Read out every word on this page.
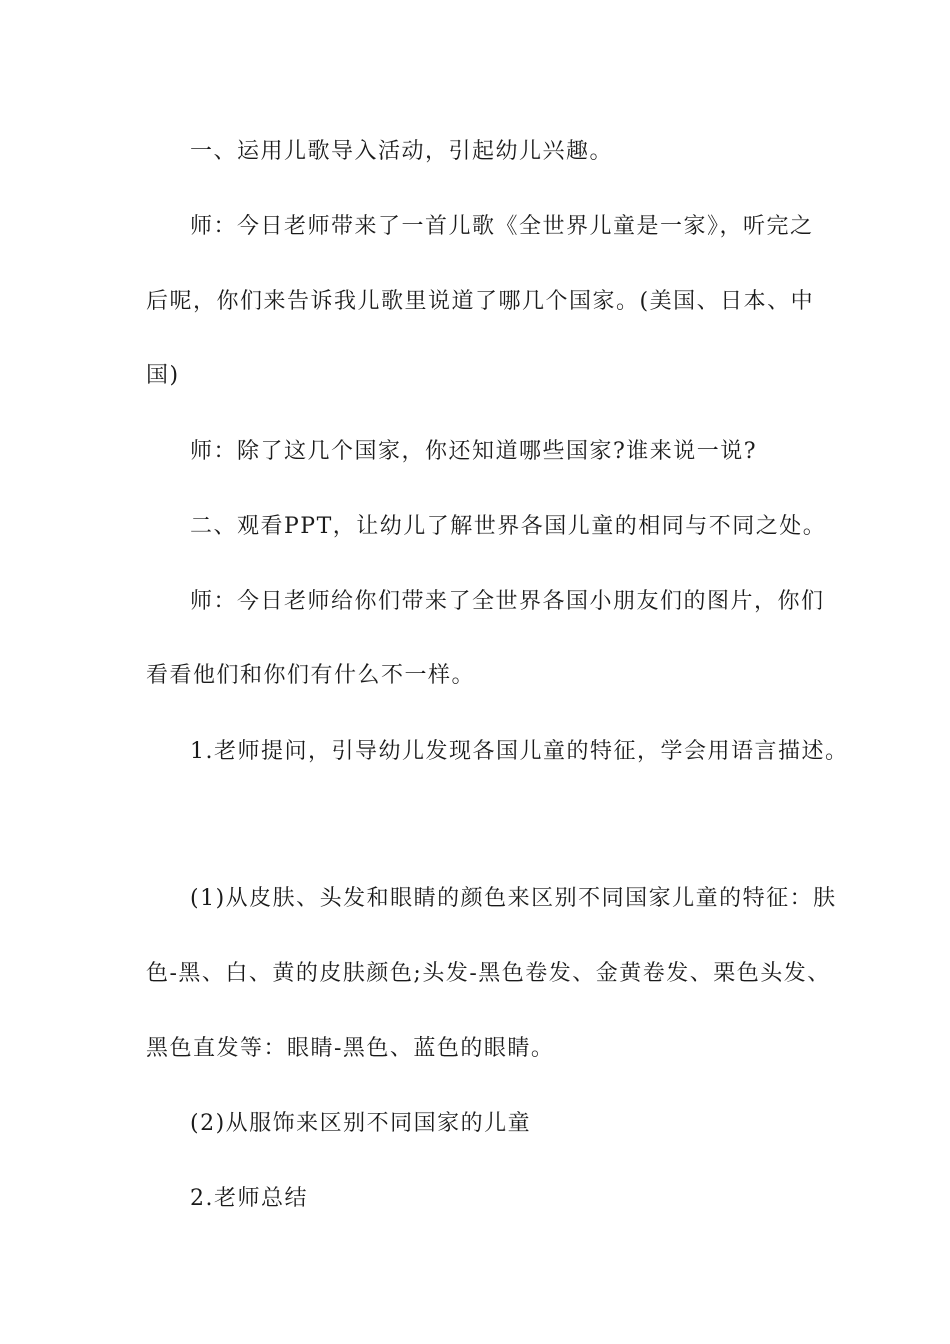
一、运用儿歌导入活动，引起幼儿兴趣。
师：今日老师带来了一首儿歌《全世界儿童是一家》，听完之
后呢，你们来告诉我儿歌里说道了哪几个国家。(美国、日本、中
国)
师：除了这几个国家，你还知道哪些国家?谁来说一说?
二、观看PPT，让幼儿了解世界各国儿童的相同与不同之处。
师：今日老师给你们带来了全世界各国小朋友们的图片，你们
看看他们和你们有什么不一样。
1.老师提问，引导幼儿发现各国儿童的特征，学会用语言描述。
(1)从皮肤、头发和眼睛的颜色来区别不同国家儿童的特征：肤
色-黑、白、黄的皮肤颜色;头发-黑色卷发、金黄卷发、栗色头发、
黑色直发等：眼睛-黑色、蓝色的眼睛。
(2)从服饰来区别不同国家的儿童
2.老师总结
